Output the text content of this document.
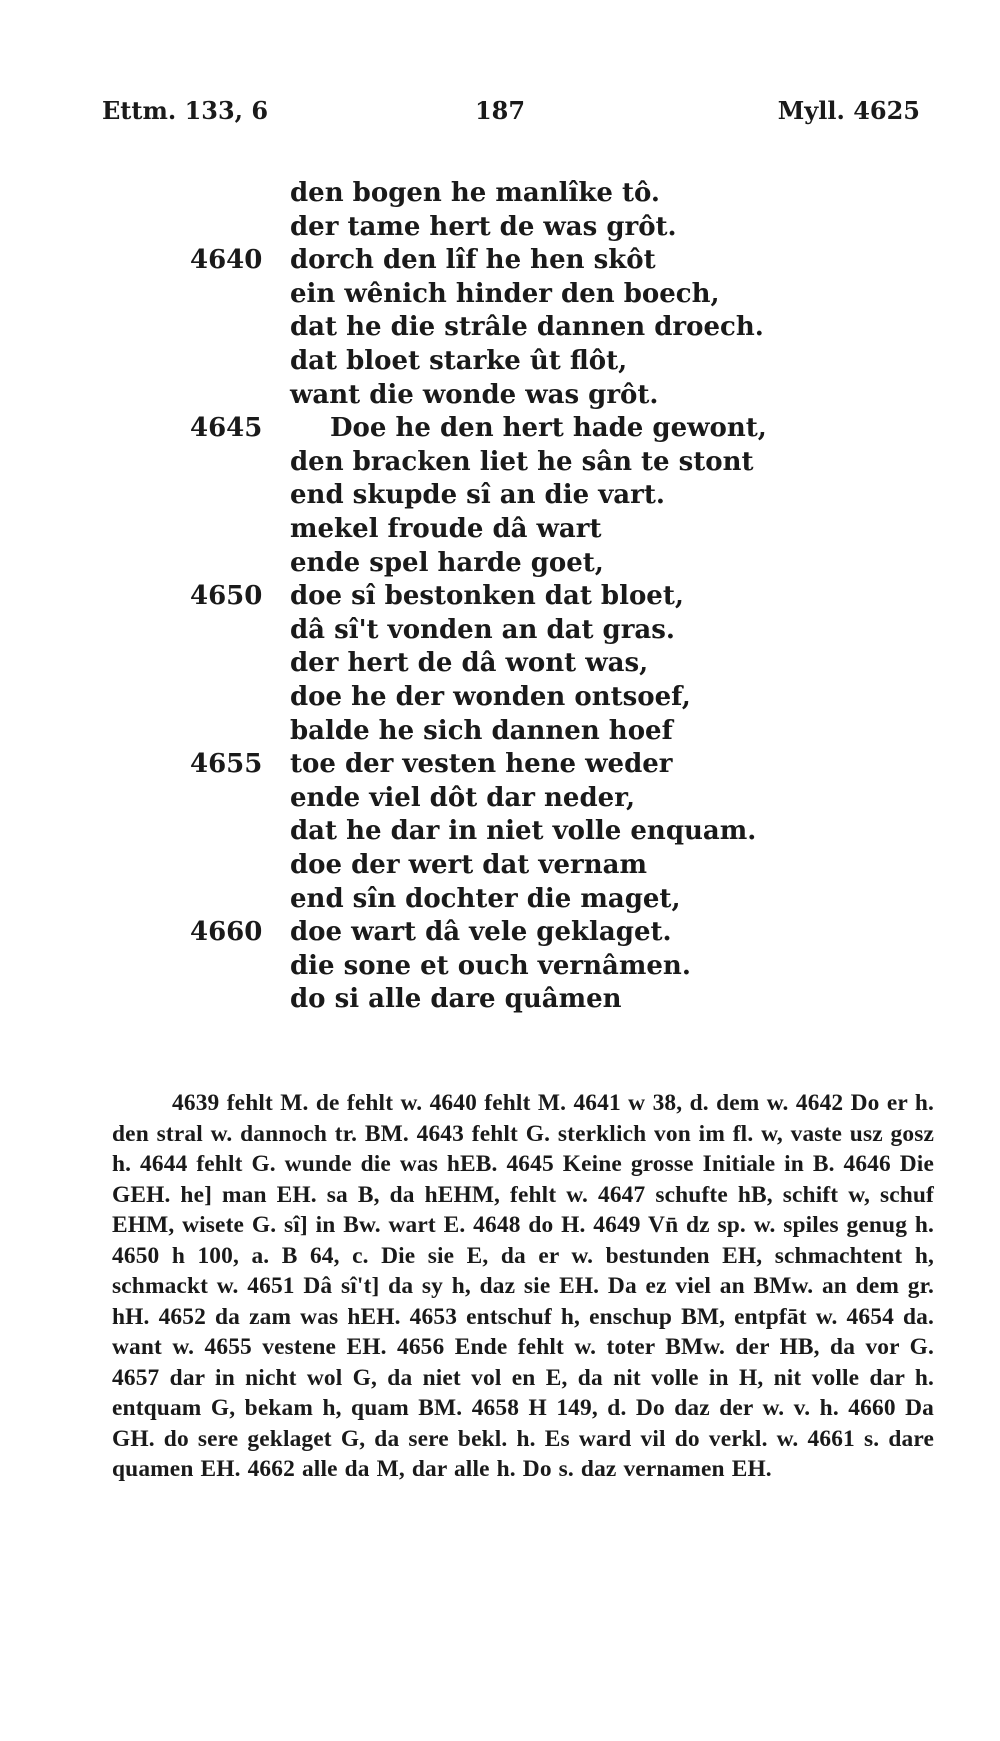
Ettm. 133, 6	187	Myll. 4625
den bogen he manlîke tô.
der tame hert de was grôt.
4640 dorch den lîf he hen skôt
ein wênich hinder den boech,
dat he die strâle dannen droech.
dat bloet starke ût flôt,
want die wonde was grôt.
4645	Doe he den hert hade gewont,
den bracken liet he sân te stont
end skupde sî an die vart.
mekel froude dâ wart
ende spel harde goet,
4650 doe sî bestonken dat bloet,
dâ sî't vonden an dat gras.
der hert de dâ wont was,
doe he der wonden ontsoef,
balde he sich dannen hoef
4655 toe der vesten hene weder
ende viel dôt dar neder,
dat he dar in niet volle enquam.
doe der wert dat vernam
end sîn dochter die maget,
4660 doe wart dâ vele geklaget.
die sone et ouch vernâmen.
do si alle dare quâmen
4639 fehlt M. de fehlt w. 4640 fehlt M. 4641 w 38, d. dem w. 4642 Do er h. den stral w. dannoch tr. BM. 4643 fehlt G. sterklich von im fl. w, vaste usz gosz h. 4644 fehlt G. wunde die was hEB. 4645 Keine grosse Initiale in B. 4646 Die GEH. he] man EH. sa B, da hEHM, fehlt w. 4647 schufte hB, schift w, schuf EHM, wisete G. sî] in Bw. wart E. 4648 do H. 4649 Vn̄ dz sp. w. spiles genug h. 4650 h 100, a. B 64, c. Die sie E, da er w. bestunden EH, schmachtent h, schmackt w. 4651 Dâ sî't] da sy h, daz sie EH. Da ez viel an BMw. an dem gr. hH. 4652 da zam was hEH. 4653 entschuf h, enschup BM, entpfāt w. 4654 da. want w. 4655 vestene EH. 4656 Ende fehlt w. toter BMw. der HB, da vor G. 4657 dar in nicht wol G, da niet vol en E, da nit volle in H, nit volle dar h. entquam G, bekam h, quam BM. 4658 H 149, d. Do daz der w. v. h. 4660 Da GH. do sere geklaget G, da sere bekl. h. Es ward vil do verkl. w. 4661 s. dare quamen EH. 4662 alle da M, dar alle h. Do s. daz vernamen EH.
